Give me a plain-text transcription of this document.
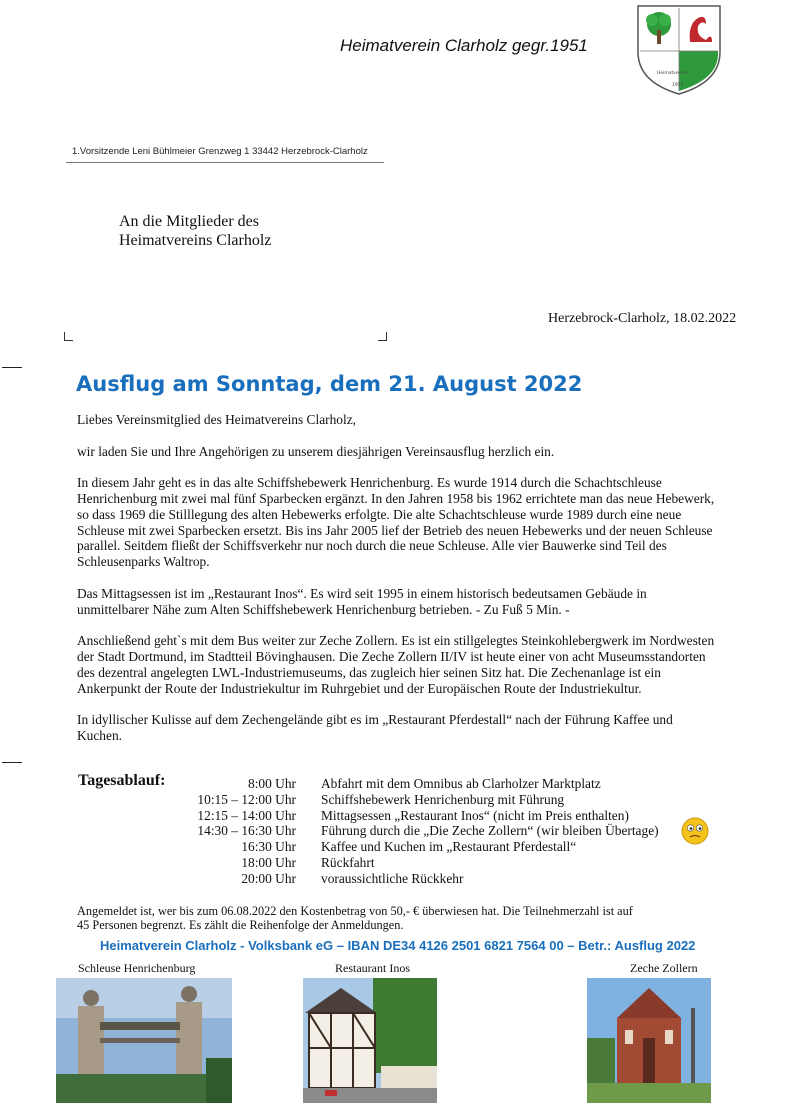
Heimatverein Clarholz gegr.1951
Heimatverein
1951
1.Vorsitzende Leni Bühlmeier Grenzweg 1 33442 Herzebrock-Clarholz
An die Mitglieder des
Heimatvereins Clarholz
Herzebrock-Clarholz, 18.02.2022
Ausflug am Sonntag, dem 21. August 2022

Liebes Vereinsmitglied des Heimatvereins Clarholz,

wir laden Sie und Ihre Angehörigen zu unserem diesjährigen Vereinsausflug herzlich ein.

In diesem Jahr geht es in das alte Schiffshebewerk Henrichenburg. Es wurde 1914 durch die Schachtschleuse Henrichenburg mit zwei mal fünf Sparbecken ergänzt. In den Jahren 1958 bis 1962 errichtete man das neue Hebewerk, so dass 1969 die Stilllegung des alten Hebewerks erfolgte. Die alte Schachtschleuse wurde 1989 durch eine neue Schleuse mit zwei Sparbecken ersetzt. Bis ins Jahr 2005 lief der Betrieb des neuen Hebewerks und der neuen Schleuse parallel. Seitdem fließt der Schiffsverkehr nur noch durch die neue Schleuse. Alle vier Bauwerke sind Teil des Schleusenparks Waltrop.

Das Mittagsessen ist im „Restaurant Inos“. Es wird seit 1995 in einem historisch bedeutsamen Gebäude in unmittelbarer Nähe zum Alten Schiffshebewerk Henrichenburg betrieben. - Zu Fuß 5 Min. -

Anschließend geht`s mit dem Bus weiter zur Zeche Zollern. Es ist ein stillgelegtes Steinkohlebergwerk im Nordwesten der Stadt Dortmund, im Stadtteil Bövinghausen. Die Zeche Zollern II/IV ist heute einer von acht Museumsstandorten des dezentral angelegten LWL-Industriemuseums, das zugleich hier seinen Sitz hat. Die Zechenanlage ist ein Ankerpunkt der Route der Industriekultur im Ruhrgebiet und der Europäischen Route der Industriekultur.

In idyllischer Kulisse auf dem Zechengelände gibt es im „Restaurant Pferdestall“ nach der Führung Kaffee und Kuchen.

Tagesablauf:	8:00 Uhr Abfahrt mit dem Omnibus ab Clarholzer Marktplatz
10:15 – 12:00 Uhr Schiffshebewerk Henrichenburg mit Führung
12:15 – 14:00 Uhr Mittagsessen „Restaurant Inos“ (nicht im Preis enthalten)
14:30 – 16:30 Uhr Führung durch die „Die Zeche Zollern“ (wir bleiben Übertage)
16:30 Uhr Kaffee und Kuchen im „Restaurant Pferdestall“
18:00 Uhr Rückfahrt
20:00 Uhr voraussichtliche Rückkehr
Angemeldet ist, wer bis zum 06.08.2022 den Kostenbetrag von 50,- € überwiesen hat. Die Teilnehmerzahl ist auf
45 Personen begrenzt. Es zählt die Reihenfolge der Anmeldungen.
Heimatverein Clarholz - Volksbank eG – IBAN DE34 4126 2501 6821 7564 00 – Betr.: Ausflug 2022
Schleuse Henrichenburg	Restaurant Inos	Zeche Zollern
